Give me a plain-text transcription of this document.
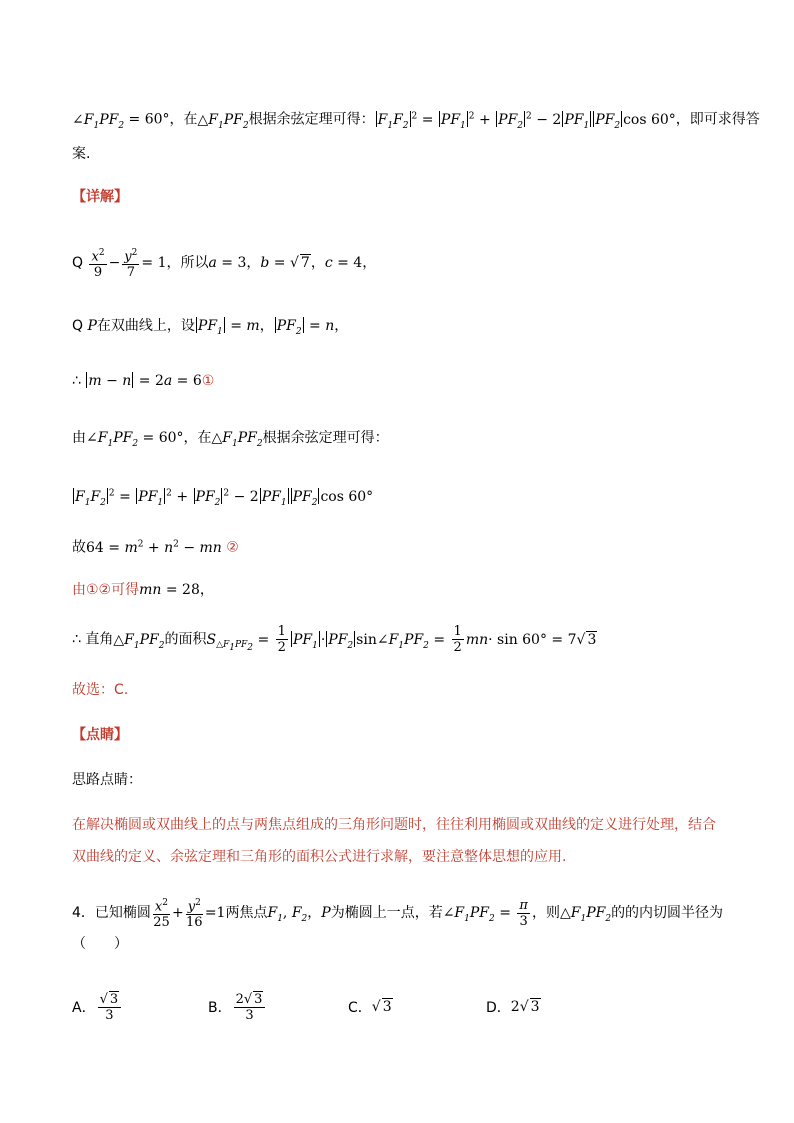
$\angle F_1PF_2 = 60^\circ$，在$\triangle F_1PF_2$根据余弦定理可得： $F_1F_2^2 = PF_1^2 + PF_2^2 - 2$ $PF_1$ $PF_2$ cos 60°，即可求得答
案.
【详解】
Q $\frac{x^2}{9} - \frac{y^2}{7} = 1$，所以a = 3，b = √ 7，c = 4，
Q P在双曲线上，设 $PF_1 = m$， $PF_2 = n$，
∴ m − n = 2a = 6①
由$\angle F_1PF_2 = 60^\circ$，在$\triangle F_1PF_2$根据余弦定理可得：
$F_1F_2^2 = PF_1^2 + PF_2^2 - 2$ $PF_1$ $PF_2$ cos 60°
故$64 = m^2 + n^2$ − mn ②
由①②可得mn = 28，
∴ 直角$\triangle F_1PF_2$的面积$S_{\triangle F_1PF_2} = \frac{1}{2} PF_1 \cdot PF_2$ $\sin\angle F_1PF_2 = \frac{1}{2} mn\cdot \sin 60^\circ = 7√$ 3
故选：C.
【点睛】
思路点睛：
在解决椭圆或双曲线上的点与两焦点组成的三角形问题时，往往利用椭圆或双曲线的定义进行处理，结合
双曲线的定义、余弦定理和三角形的面积公式进行求解，要注意整体思想的应用.
4．已知椭圆 $\frac{x^2}{25} + \frac{y^2}{16} =1$两焦点$F_1$, $F_2$，P为椭圆上一点，若$\angle F_1PF_2 = \frac{\pi}{3}$ ，则$\triangle F_1PF_2$的的内切圆半径为
（　　）
A． $\frac{√ 3}{3}$	B． $\frac{2√ 3}{3}$	C． √ 3	D． 2√ 3
